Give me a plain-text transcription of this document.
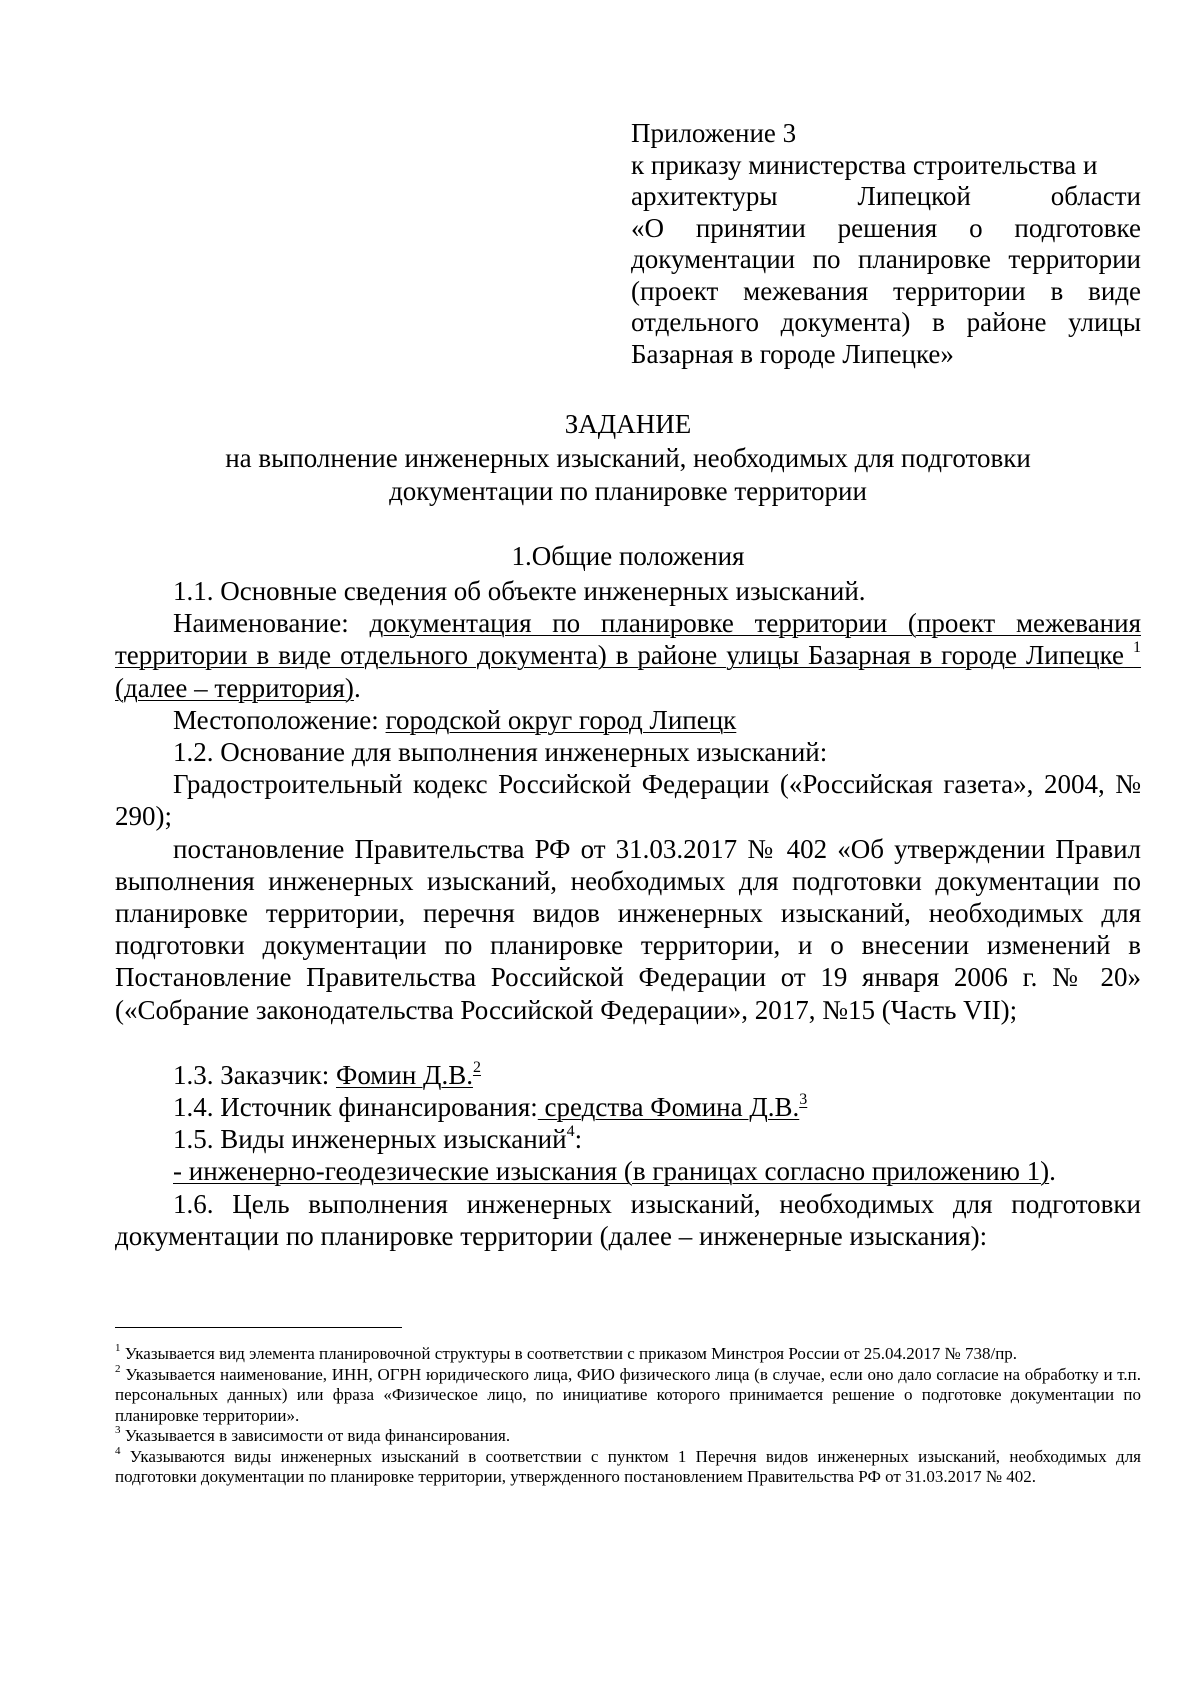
Приложение 3
к приказу министерства строительства и
архитектуры Липецкой области
«О принятии решения о подготовке
документации по планировке территории
(проект межевания территории в виде
отдельного документа) в районе улицы
Базарная в городе Липецке»
ЗАДАНИЕ
на выполнение инженерных изысканий, необходимых для подготовки
документации по планировке территории
1.Общие положения
1.1. Основные сведения об объекте инженерных изысканий.
Наименование: документация по планировке территории (проект межевания территории в виде отдельного документа) в районе улицы Базарная в городе Липецке $^1$ (далее – территория).
Местоположение: городской округ город Липецк
1.2. Основание для выполнения инженерных изысканий:
Градостроительный кодекс Российской Федерации («Российская газета», 2004, № 290);
постановление Правительства РФ от 31.03.2017 № 402 «Об утверждении Правил выполнения инженерных изысканий, необходимых для подготовки документации по планировке территории, перечня видов инженерных изысканий, необходимых для подготовки документации по планировке территории, и о внесении изменений в Постановление Правительства Российской Федерации от 19 января 2006 г. № 20» («Собрание законодательства Российской Федерации», 2017, №15 (Часть VII);
1.3. Заказчик: Фомин Д.В.$^2$
1.4. Источник финансирования: средства Фомина Д.В.$^3$
1.5. Виды инженерных изысканий$^4$:
- инженерно-геодезические изыскания (в границах согласно приложению 1).
1.6. Цель выполнения инженерных изысканий, необходимых для подготовки документации по планировке территории (далее – инженерные изыскания):
$^1$ Указывается вид элемента планировочной структуры в соответствии с приказом Минстроя России от 25.04.2017 № 738/пр.
$^2$ Указывается наименование, ИНН, ОГРН юридического лица, ФИО физического лица (в случае, если оно дало согласие на обработку и т.п. персональных данных) или фраза «Физическое лицо, по инициативе которого принимается решение о подготовке документации по планировке территории».
$^3$ Указывается в зависимости от вида финансирования.
$^4$ Указываются виды инженерных изысканий в соответствии с пунктом 1 Перечня видов инженерных изысканий, необходимых для подготовки документации по планировке территории, утвержденного постановлением Правительства РФ от 31.03.2017 № 402.
